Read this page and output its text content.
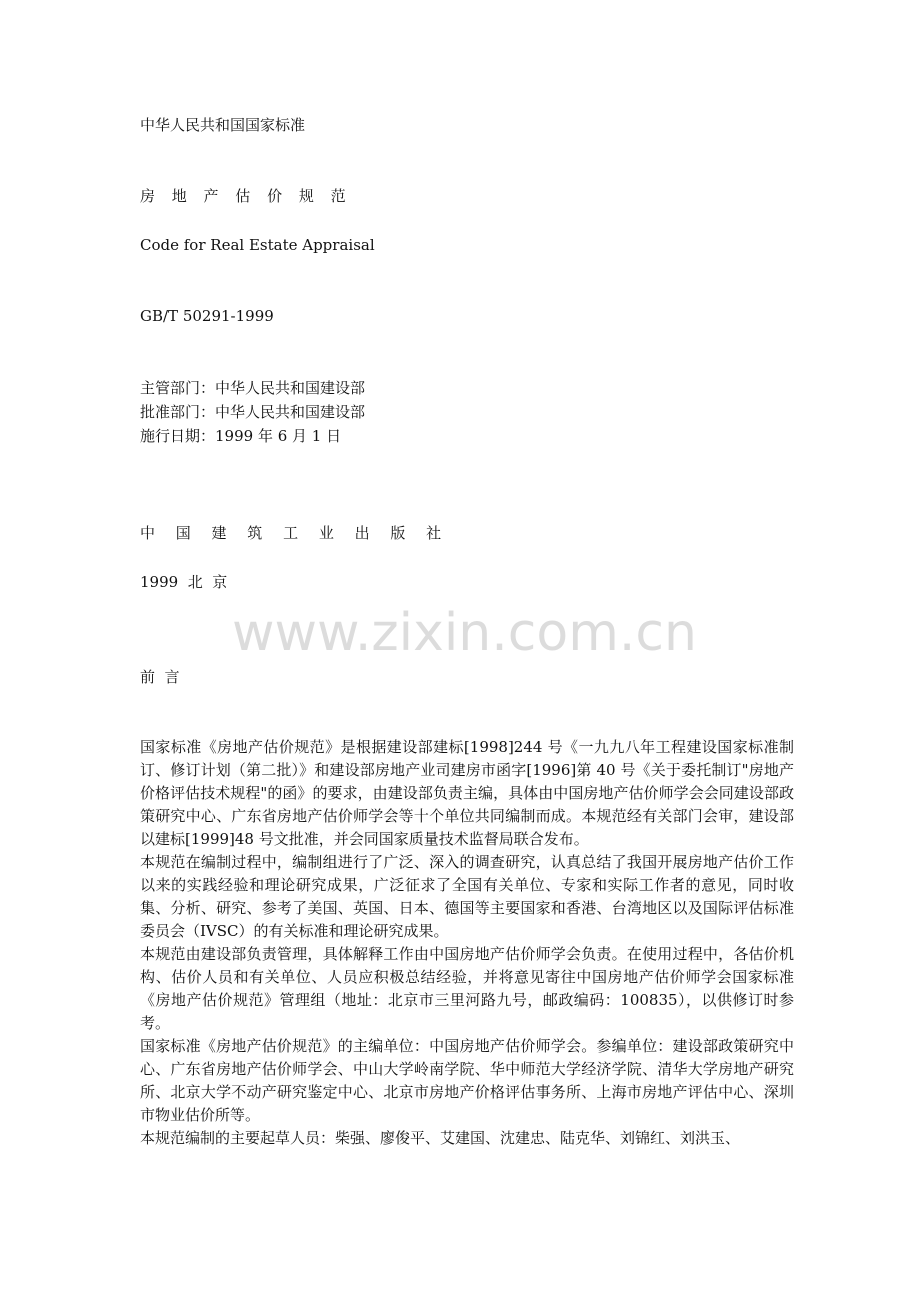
中华人民共和国国家标准
房 地 产 估 价 规 范
Code for Real Estate Appraisal
GB/T 50291-1999
主管部门：中华人民共和国建设部
批准部门：中华人民共和国建设部
施行日期：1999 年 6 月 1 日
中 国 建 筑 工 业 出 版 社
1999  北  京
www.zixin.com.cn
前  言

国家标准《房地产估价规范》是根据建设部建标[1998]244 号《一九九八年工程建设国家标准制订、修订计划（第二批）》和建设部房地产业司建房市函字[1996]第 40 号《关于委托制订"房地产价格评估技术规程"的函》的要求，由建设部负责主编，具体由中国房地产估价师学会会同建设部政策研究中心、广东省房地产估价师学会等十个单位共同编制而成。本规范经有关部门会审，建设部以建标[1999]48 号文批准，并会同国家质量技术监督局联合发布。

本规范在编制过程中，编制组进行了广泛、深入的调查研究，认真总结了我国开展房地产估价工作以来的实践经验和理论研究成果，广泛征求了全国有关单位、专家和实际工作者的意见，同时收集、分析、研究、参考了美国、英国、日本、德国等主要国家和香港、台湾地区以及国际评估标准委员会（IVSC）的有关标准和理论研究成果。

本规范由建设部负责管理，具体解释工作由中国房地产估价师学会负责。在使用过程中，各估价机构、估价人员和有关单位、人员应积极总结经验，并将意见寄往中国房地产估价师学会国家标准《房地产估价规范》管理组（地址：北京市三里河路九号，邮政编码：100835），以供修订时参考。

国家标准《房地产估价规范》的主编单位：中国房地产估价师学会。参编单位：建设部政策研究中心、广东省房地产估价师学会、中山大学岭南学院、华中师范大学经济学院、清华大学房地产研究所、北京大学不动产研究鉴定中心、北京市房地产价格评估事务所、上海市房地产评估中心、深圳市物业估价所等。

本规范编制的主要起草人员：柴强、廖俊平、艾建国、沈建忠、陆克华、刘锦红、刘洪玉、
